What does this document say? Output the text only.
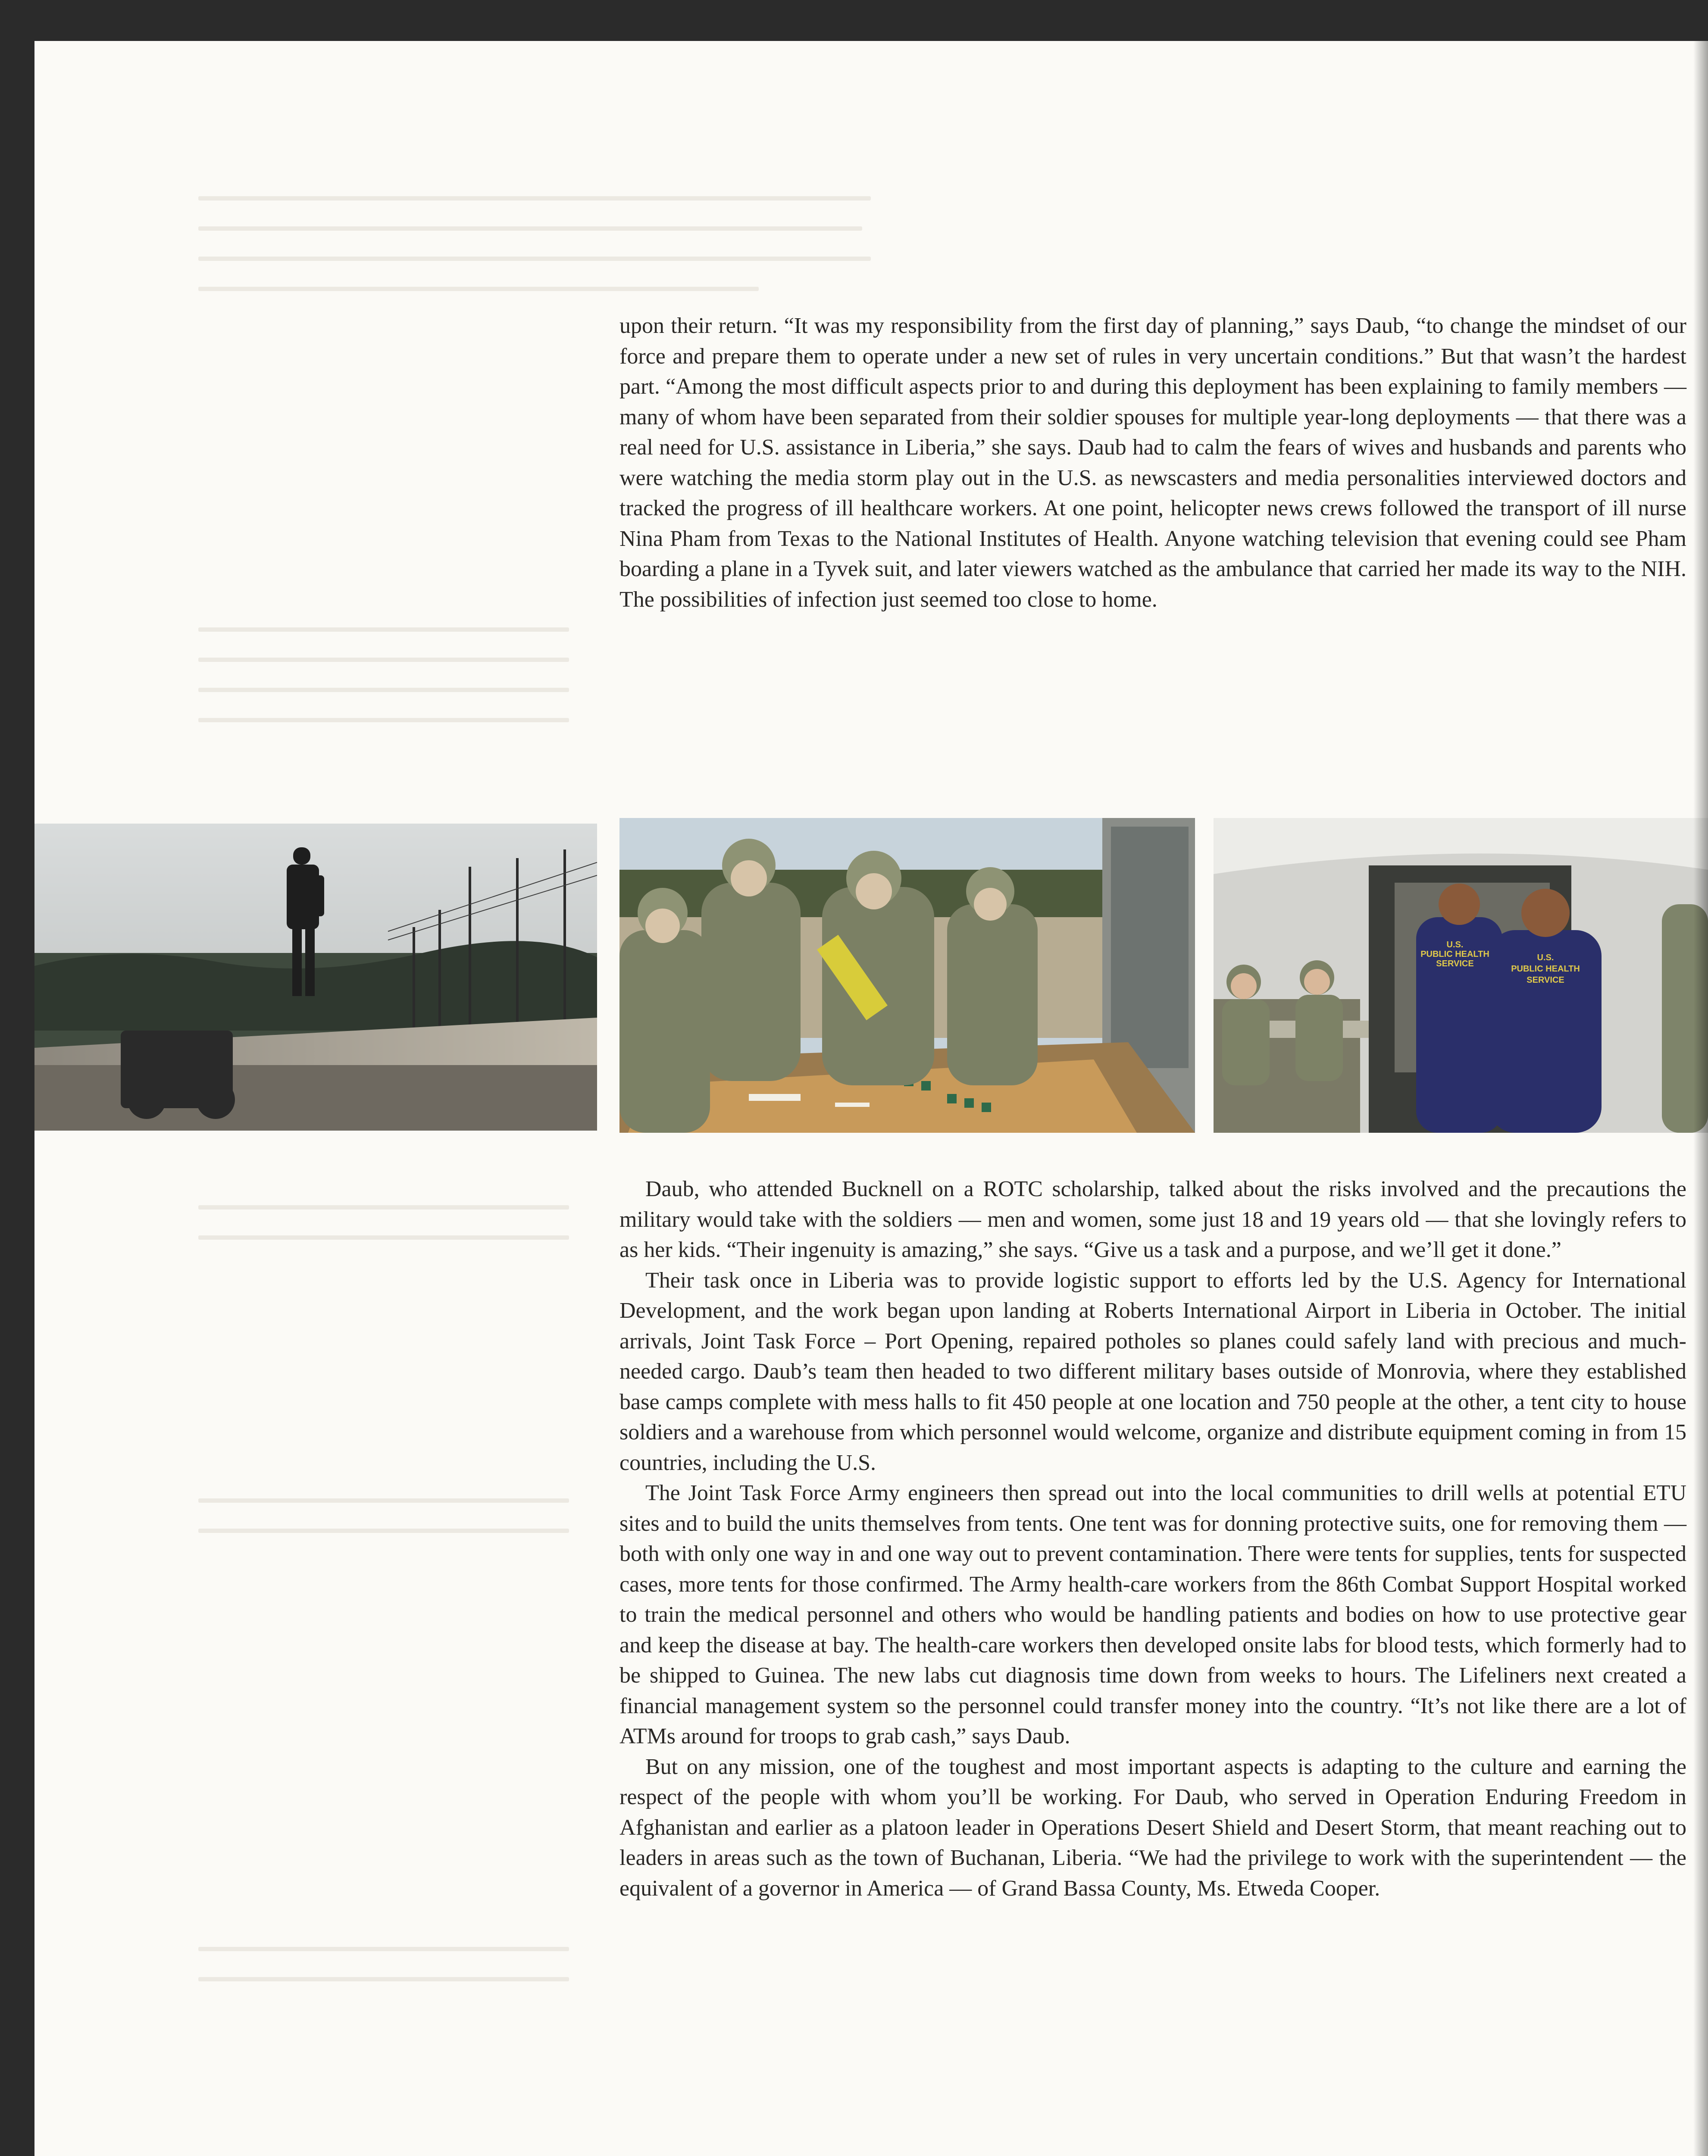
upon their return. “It was my responsibility from the first day of planning,” says Daub, “to change the mindset of our force and prepare them to operate under a new set of rules in very uncertain conditions.” But that wasn’t the hardest part. “Among the most difficult aspects prior to and during this deployment has been explaining to family members — many of whom have been separated from their soldier spouses for multiple year-long deployments — that there was a real need for U.S. assistance in Liberia,” she says. Daub had to calm the fears of wives and husbands and parents who were watching the media storm play out in the U.S. as newscasters and media personalities interviewed doctors and tracked the progress of ill healthcare workers. At one point, helicopter news crews followed the transport of ill nurse Nina Pham from Texas to the National Institutes of Health. Anyone watching television that evening could see Pham boarding a plane in a Tyvek suit, and later viewers watched as the ambulance that carried her made its way to the NIH. The possibilities of infection just seemed too close to home.

U.S.
PUBLIC HEALTH
SERVICE
U.S.
PUBLIC HEALTH
SERVICE

Daub, who attended Bucknell on a ROTC scholarship, talked about the risks involved and the precautions the military would take with the soldiers — men and women, some just 18 and 19 years old — that she lovingly refers to as her kids. “Their ingenuity is amazing,” she says. “Give us a task and a purpose, and we’ll get it done.”

Their task once in Liberia was to provide logistic support to efforts led by the U.S. Agency for International Development, and the work began upon landing at Roberts International Airport in Liberia in October. The initial arrivals, Joint Task Force – Port Opening, repaired potholes so planes could safely land with precious and much-needed cargo. Daub’s team then headed to two different military bases outside of Monrovia, where they established base camps complete with mess halls to fit 450 people at one location and 750 people at the other, a tent city to house soldiers and a warehouse from which personnel would welcome, organize and distribute equipment coming in from 15 countries, including the U.S.

The Joint Task Force Army engineers then spread out into the local communities to drill wells at potential ETU sites and to build the units themselves from tents. One tent was for donning protective suits, one for removing them — both with only one way in and one way out to prevent contamination. There were tents for supplies, tents for suspected cases, more tents for those confirmed. The Army health-care workers from the 86th Combat Support Hospital worked to train the medical personnel and others who would be handling patients and bodies on how to use protective gear and keep the disease at bay. The health-care workers then developed onsite labs for blood tests, which formerly had to be shipped to Guinea. The new labs cut diagnosis time down from weeks to hours. The Lifeliners next created a financial management system so the personnel could transfer money into the country. “It’s not like there are a lot of ATMs around for troops to grab cash,” says Daub.

But on any mission, one of the toughest and most important aspects is adapting to the culture and earning the respect of the people with whom you’ll be working. For Daub, who served in Operation Enduring Freedom in Afghanistan and earlier as a platoon leader in Operations Desert Shield and Desert Storm, that meant reaching out to leaders in areas such as the town of Buchanan, Liberia. “We had the privilege to work with the superintendent — the equivalent of a governor in America — of Grand Bassa County, Ms. Etweda Cooper.
